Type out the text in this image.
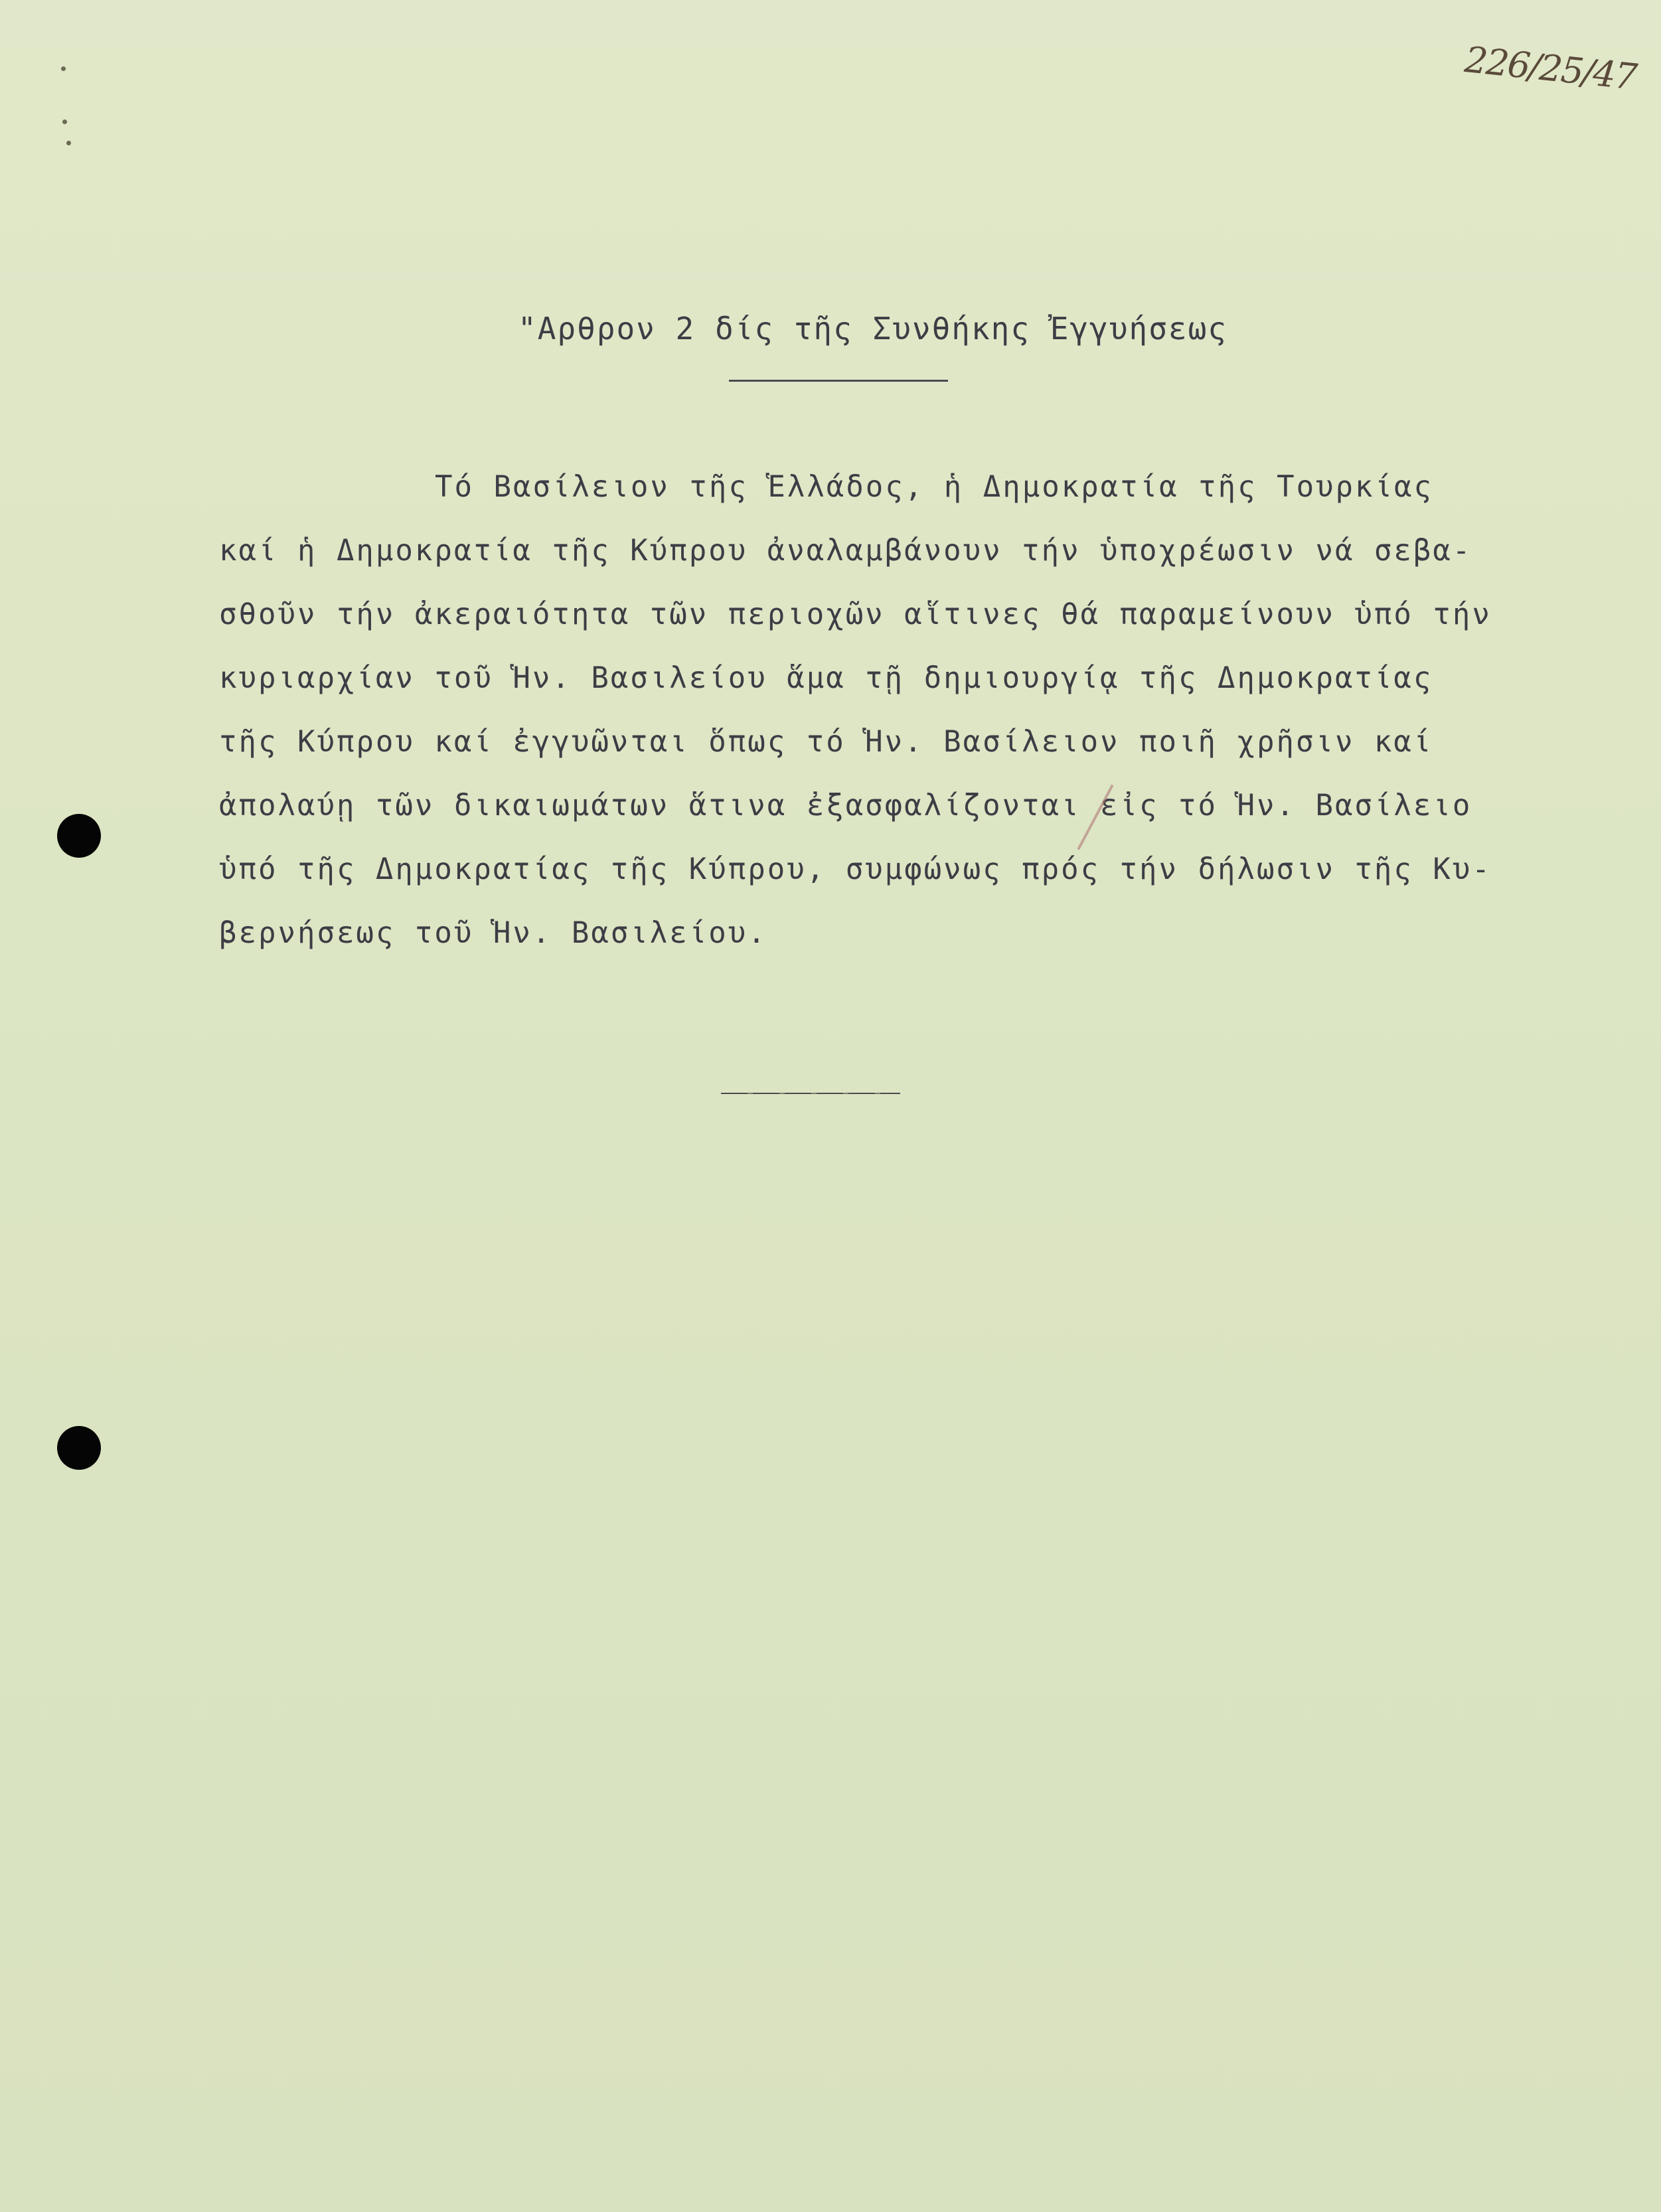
226/25/47
"Αρθρον 2 δίς τῆς Συνθήκης Ἐγγυήσεως
Τό Βασίλειον τῆς Ἑλλάδος, ἡ Δημοκρατία τῆς Τουρκίας
καί ἡ Δημοκρατία τῆς Κύπρου ἀναλαμβάνουν τήν ὑποχρέωσιν νά σεβα-
σθοῦν τήν ἀκεραιότητα τῶν περιοχῶν αἵτινες θά παραμείνουν ὑπό τήν
κυριαρχίαν τοῦ Ἡν. Βασιλείου ἅμα τῇ δημιουργίᾳ τῆς Δημοκρατίας
τῆς Κύπρου καί ἐγγυῶνται ὅπως τό Ἡν. Βασίλειον ποιῆ χρῆσιν καί
ἀπολαύῃ τῶν δικαιωμάτων ἅτινα ἐξασφαλίζονται εἰς τό Ἡν. Βασίλειο
ὑπό τῆς Δημοκρατίας τῆς Κύπρου, συμφώνως πρός τήν δήλωσιν τῆς Κυ-
βερνήσεως τοῦ Ἡν. Βασιλείου.
